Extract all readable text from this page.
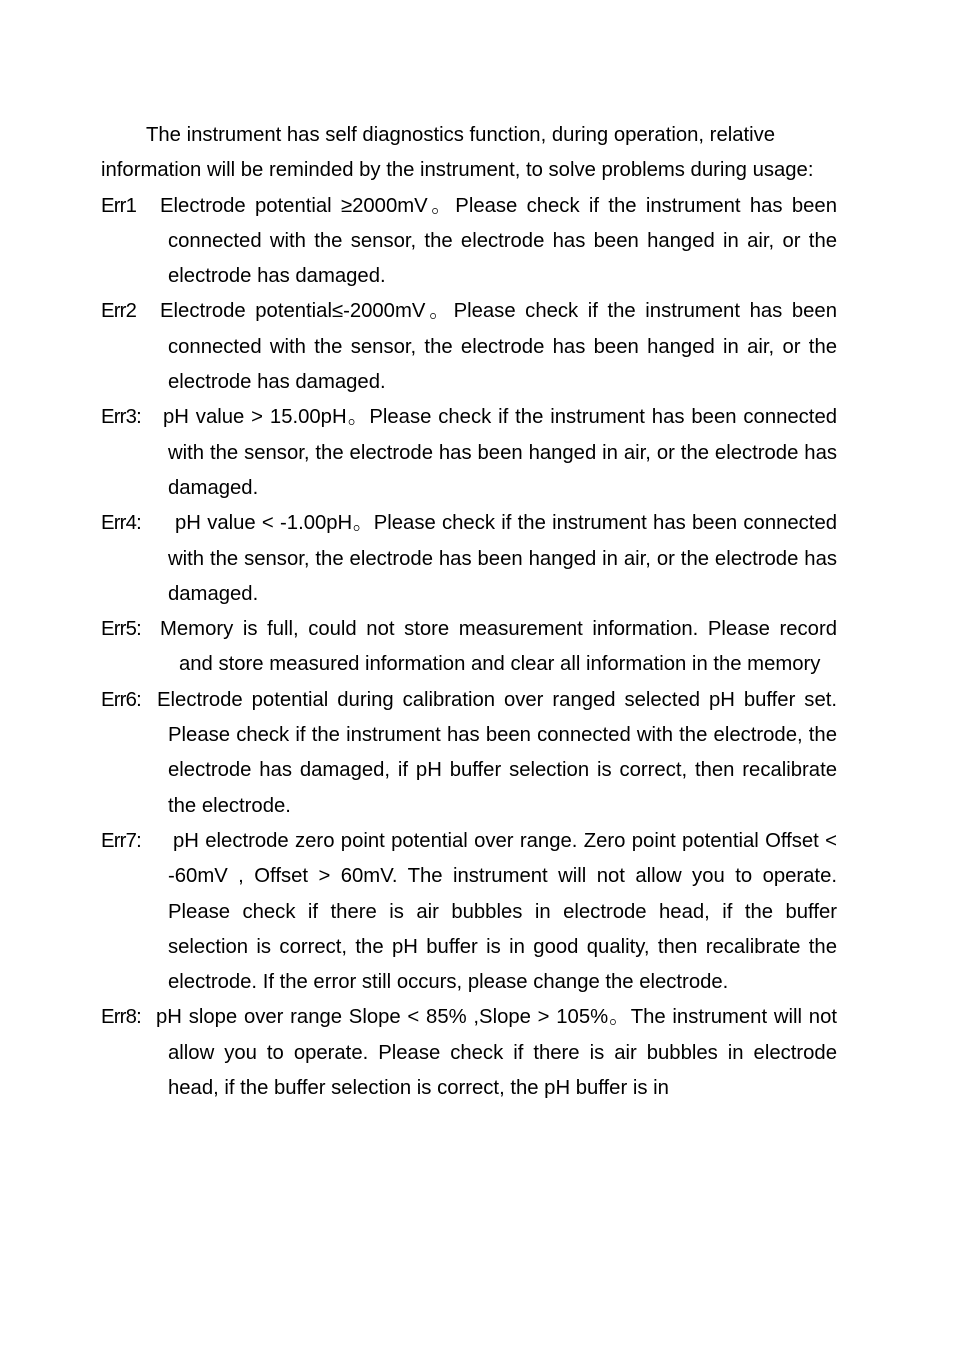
The instrument has self diagnostics function, during operation, relative information will be reminded by the instrument, to solve problems during usage:

Err1 Electrode potential ≥2000mV。Please check if the instrument has been connected with the sensor, the electrode has been hanged in air, or the electrode has damaged.
Err2 Electrode potential≤-2000mV。Please check if the instrument has been connected with the sensor, the electrode has been hanged in air, or the electrode has damaged.
Err3: pH value > 15.00pH。Please check if the instrument has been connected with the sensor, the electrode has been hanged in air, or the electrode has damaged.
Err4:	pH value < -1.00pH。Please check if the instrument has been connected with the sensor, the electrode has been hanged in air, or the electrode has damaged.
Err5: Memory is full, could not store measurement information. Please record and store measured information and clear all information in the memory
Err6: Electrode potential during calibration over ranged selected pH buffer set. Please check if the instrument has been connected with the electrode, the electrode has damaged, if pH buffer selection is correct, then recalibrate the electrode.
Err7: pH electrode zero point potential over range. Zero point potential Offset < -60mV , Offset > 60mV. The instrument will not allow you to operate. Please check if there is air bubbles in electrode head, if the buffer selection is correct, the pH buffer is in good quality, then recalibrate the electrode. If the error still occurs, please change the electrode.
Err8: pH slope over range Slope < 85% ,Slope > 105%。The instrument will not allow you to operate. Please check if there is air bubbles in electrode head, if the buffer selection is correct, the pH buffer is in
